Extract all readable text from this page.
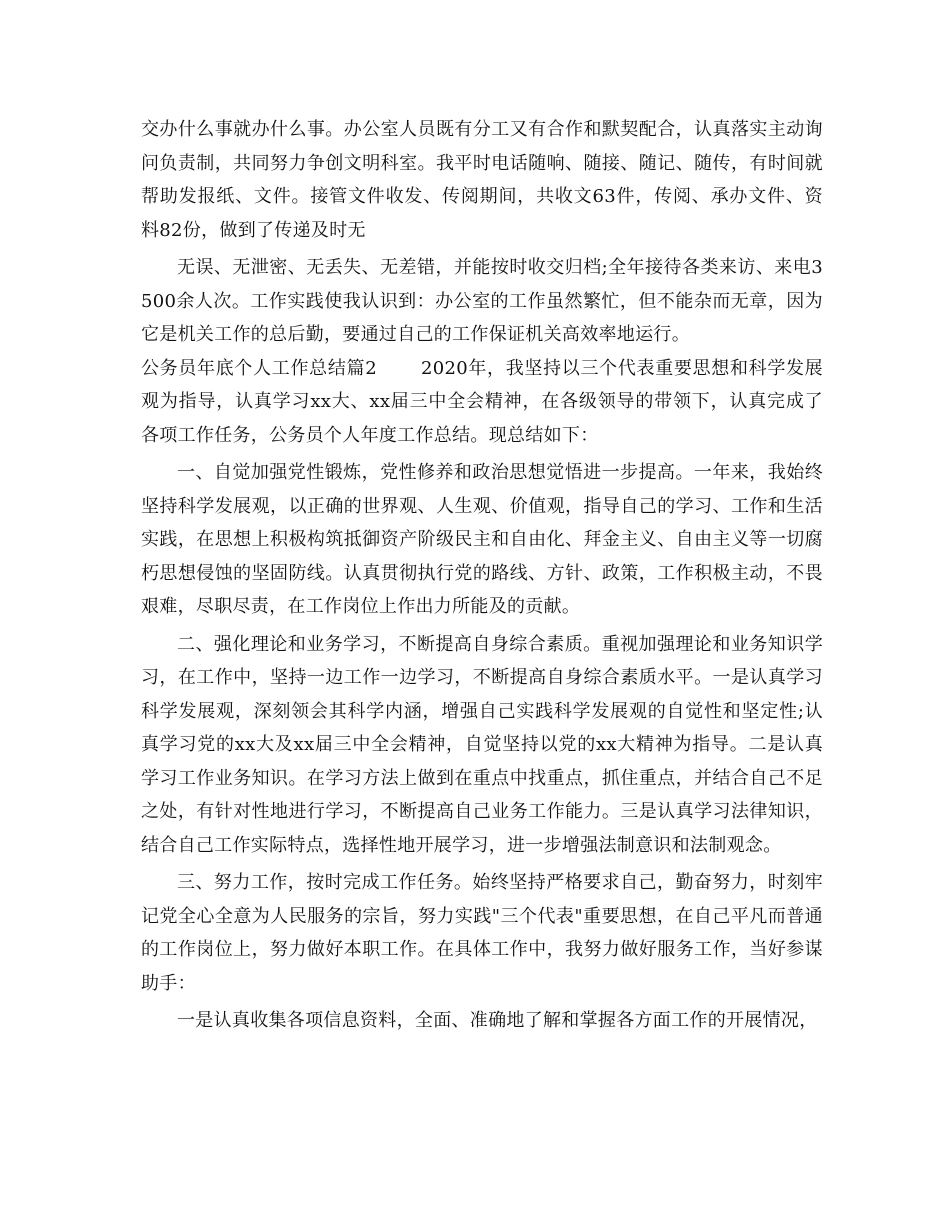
交办什么事就办什么事。办公室人员既有分工又有合作和默契配合，认真落实主动询问负责制，共同努力争创文明科室。我平时电话随响、随接、随记、随传，有时间就帮助发报纸、文件。接管文件收发、传阅期间，共收文63件，传阅、承办文件、资料82份，做到了传递及时无

无误、无泄密、无丢失、无差错，并能按时收交归档;全年接待各类来访、来电3500余人次。工作实践使我认识到：办公室的工作虽然繁忙，但不能杂而无章，因为它是机关工作的总后勤，要通过自己的工作保证机关高效率地运行。

公务员年底个人工作总结篇2 2020年，我坚持以三个代表重要思想和科学发展观为指导，认真学习xx大、xx届三中全会精神，在各级领导的带领下，认真完成了各项工作任务，公务员个人年度工作总结。现总结如下：

一、自觉加强党性锻炼，党性修养和政治思想觉悟进一步提高。一年来，我始终坚持科学发展观，以正确的世界观、人生观、价值观，指导自己的学习、工作和生活实践，在思想上积极构筑抵御资产阶级民主和自由化、拜金主义、自由主义等一切腐朽思想侵蚀的坚固防线。认真贯彻执行党的路线、方针、政策，工作积极主动，不畏艰难，尽职尽责，在工作岗位上作出力所能及的贡献。

二、强化理论和业务学习，不断提高自身综合素质。重视加强理论和业务知识学习，在工作中，坚持一边工作一边学习，不断提高自身综合素质水平。一是认真学习科学发展观，深刻领会其科学内涵，增强自己实践科学发展观的自觉性和坚定性;认真学习党的xx大及xx届三中全会精神，自觉坚持以党的xx大精神为指导。二是认真学习工作业务知识。在学习方法上做到在重点中找重点，抓住重点，并结合自己不足之处，有针对性地进行学习，不断提高自己业务工作能力。三是认真学习法律知识，结合自己工作实际特点，选择性地开展学习，进一步增强法制意识和法制观念。

三、努力工作，按时完成工作任务。始终坚持严格要求自己，勤奋努力，时刻牢记党全心全意为人民服务的宗旨，努力实践"三个代表"重要思想，在自己平凡而普通的工作岗位上，努力做好本职工作。在具体工作中，我努力做好服务工作，当好参谋助手：

一是认真收集各项信息资料，全面、准确地了解和掌握各方面工作的开展情况，
